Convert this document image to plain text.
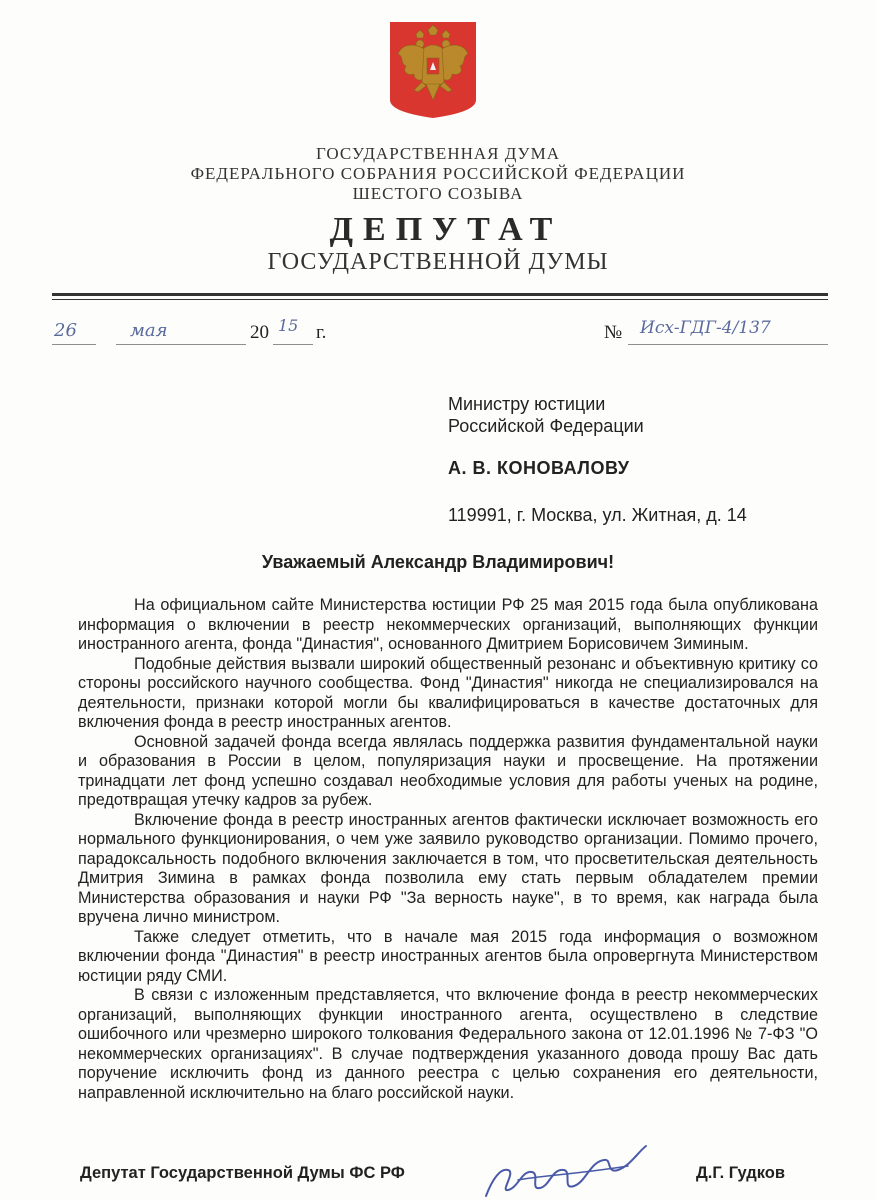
ГОСУДАРСТВЕННАЯ ДУМА
ФЕДЕРАЛЬНОГО СОБРАНИЯ РОССИЙСКОЙ ФЕДЕРАЦИИ
ШЕСТОГО СОЗЫВА
ДЕПУТАТ
ГОСУДАРСТВЕННОЙ ДУМЫ
26	мая	20 15 г.	№ Исх-ГДГ-4/137
Министру юстиции
Российской Федерации
А. В. КОНОВАЛОВУ
119991, г. Москва, ул. Житная, д. 14
Уважаемый Александр Владимирович!

На официальном сайте Министерства юстиции РФ 25 мая 2015 года была опубликована информация о включении в реестр некоммерческих организаций, выполняющих функции иностранного агента, фонда "Династия", основанного Дмитрием Борисовичем Зиминым.

Подобные действия вызвали широкий общественный резонанс и объективную критику со стороны российского научного сообщества. Фонд "Династия" никогда не специализировался на деятельности, признаки которой могли бы квалифицироваться в качестве достаточных для включения фонда в реестр иностранных агентов.

Основной задачей фонда всегда являлась поддержка развития фундаментальной науки и образования в России в целом, популяризация науки и просвещение. На протяжении тринадцати лет фонд успешно создавал необходимые условия для работы ученых на родине, предотвращая утечку кадров за рубеж.

Включение фонда в реестр иностранных агентов фактически исключает возможность его нормального функционирования, о чем уже заявило руководство организации. Помимо прочего, парадоксальность подобного включения заключается в том, что просветительская деятельность Дмитрия Зимина в рамках фонда позволила ему стать первым обладателем премии Министерства образования и науки РФ "За верность науке", в то время, как награда была вручена лично министром.

Также следует отметить, что в начале мая 2015 года информация о возможном включении фонда "Династия" в реестр иностранных агентов была опровергнута Министерством юстиции ряду СМИ.

В связи с изложенным представляется, что включение фонда в реестр некоммерческих организаций, выполняющих функции иностранного агента, осуществлено в следствие ошибочного или чрезмерно широкого толкования Федерального закона от 12.01.1996 № 7-ФЗ "О некоммерческих организациях". В случае подтверждения указанного довода прошу Вас дать поручение исключить фонд из данного реестра с целью сохранения его деятельности, направленной исключительно на благо российской науки.

Депутат Государственной Думы ФС РФ	Д.Г. Гудков
